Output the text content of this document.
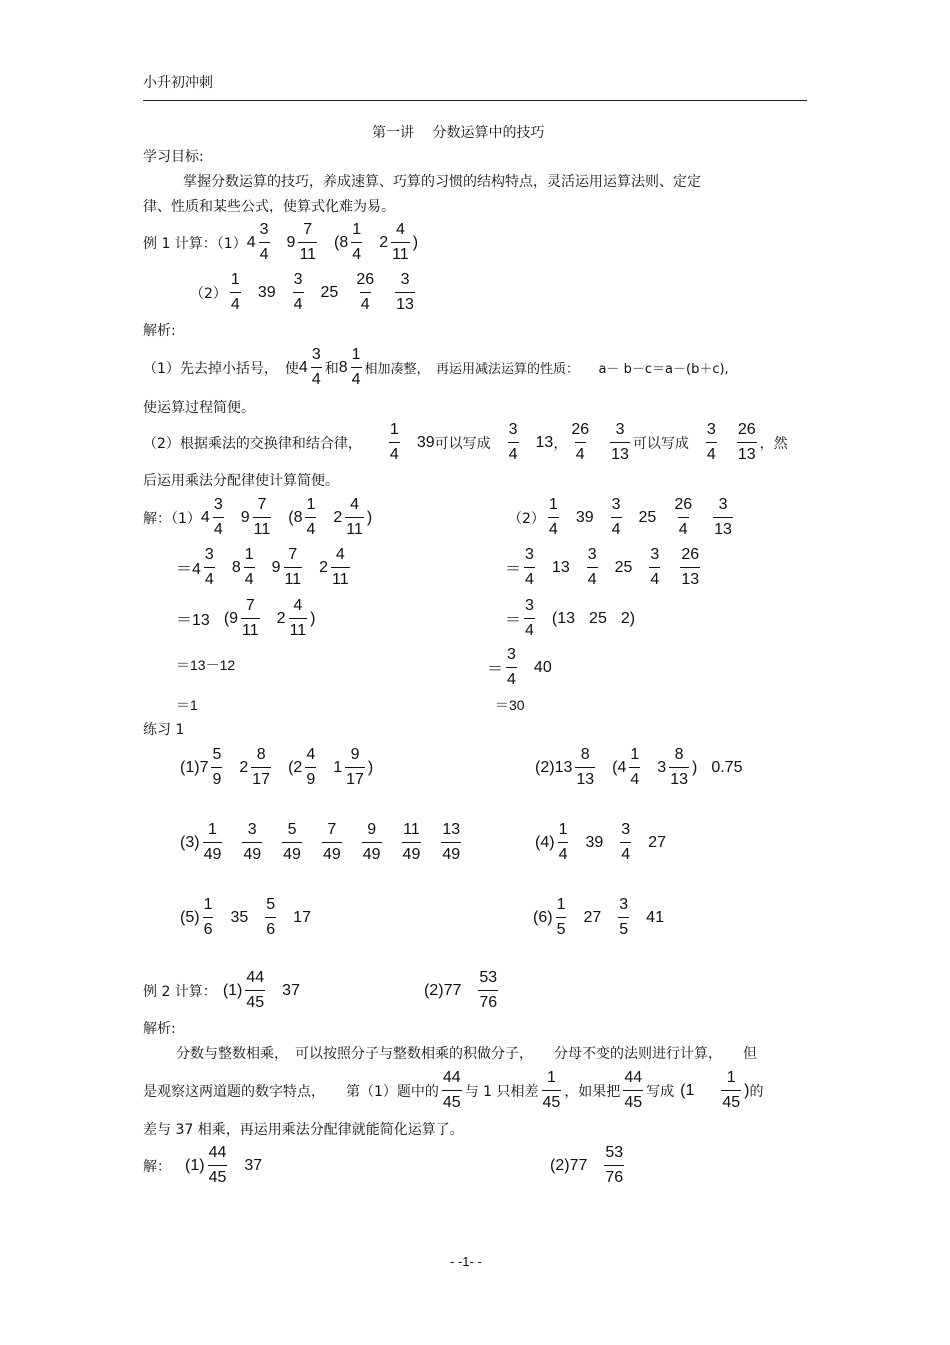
小升初冲刺
第一讲　 分数运算中的技巧
学习目标:
掌握分数运算的技巧，养成速算、巧算的习惯的结构特点，灵活运用运算法则、定定
律、性质和某些公式，使算式化难为易。
例 1 计算：（1） $4 \frac{3}{4} 9 \frac{7}{11} (8 \frac{1}{4} 2 \frac{4}{11}$ )
$(2) \frac{1}{4} 39 \frac{3}{4} 25 \frac{26}{4} \frac{3}{13}$
解析:
（1）先去掉小括号，　使 $4 \frac{3}{4}$ 和 $8 \frac{1}{4}$ 相加凑整，　再运用减法运算的性质：　　a－ b－c＝a－(b＋c),
使运算过程简便。
（2）根据乘法的交换律和结合律， $\frac{1}{4} 39$ 可以写成 $\frac{3}{4} 13$ ， $\frac{26}{4} \frac{3}{13}$ 可以写成 $\frac{3}{4} \frac{26}{13}$ ，然
后运用乘法分配律使计算简便。
解：（1） $4 \frac{3}{4} 9 \frac{7}{11} (8 \frac{1}{4} 2 \frac{4}{11}$ )
$=4 \frac{3}{4} 8 \frac{1}{4} 9 \frac{7}{11} 2 \frac{4}{11}$
＝13 ($9 \frac{7}{11} 2 \frac{4}{11}$ )
＝13－12
＝1
$(2) \frac{1}{4} 39 \frac{3}{4} 25 \frac{26}{4} \frac{3}{13}$
＝ $\frac{3}{4} 13 \frac{3}{4} 25 \frac{3}{4} \frac{26}{13}$
＝ $\frac{3}{4} (13$ 25 2)
＝ $\frac{3}{4} 40$
＝30
练习 1
(1) $7 \frac{5}{9} 2 \frac{8}{17} (2 \frac{4}{9} 1 \frac{9}{17}$ )	(2) $13 \frac{8}{13} (4 \frac{1}{4} 3 \frac{8}{13}$ ) 0.75
$(3) \frac{1}{49} \frac{3}{49} \frac{5}{49} \frac{7}{49} \frac{9}{49} \frac{11}{49} \frac{13}{49}$	$(4) \frac{1}{4} 39 \frac{3}{4} 27$
$(5) \frac{1}{6} 35 \frac{5}{6} 17$	$(6) \frac{1}{5} 27 \frac{3}{5} 41$
例 2 计算： $(1) \frac{44}{45} 37$	(2) $77 \frac{53}{76}$
解析:
分数与整数相乘，　可以按照分子与整数相乘的积做分子，　　分母不变的法则进行计算，　　但
是观察这两道题的数字特点，　　第（1）题中的 $\frac{44}{45}$ 与 1 只相差 $\frac{1}{45}$ ，如果把 $\frac{44}{45}$ 写成 ($1 \frac{1}{45}$ ) 的
差与 37 相乘，再运用乘法分配律就能简化运算了。
解： $(1) \frac{44}{45} 37$	(2) $77 \frac{53}{76}$
- -1- -
